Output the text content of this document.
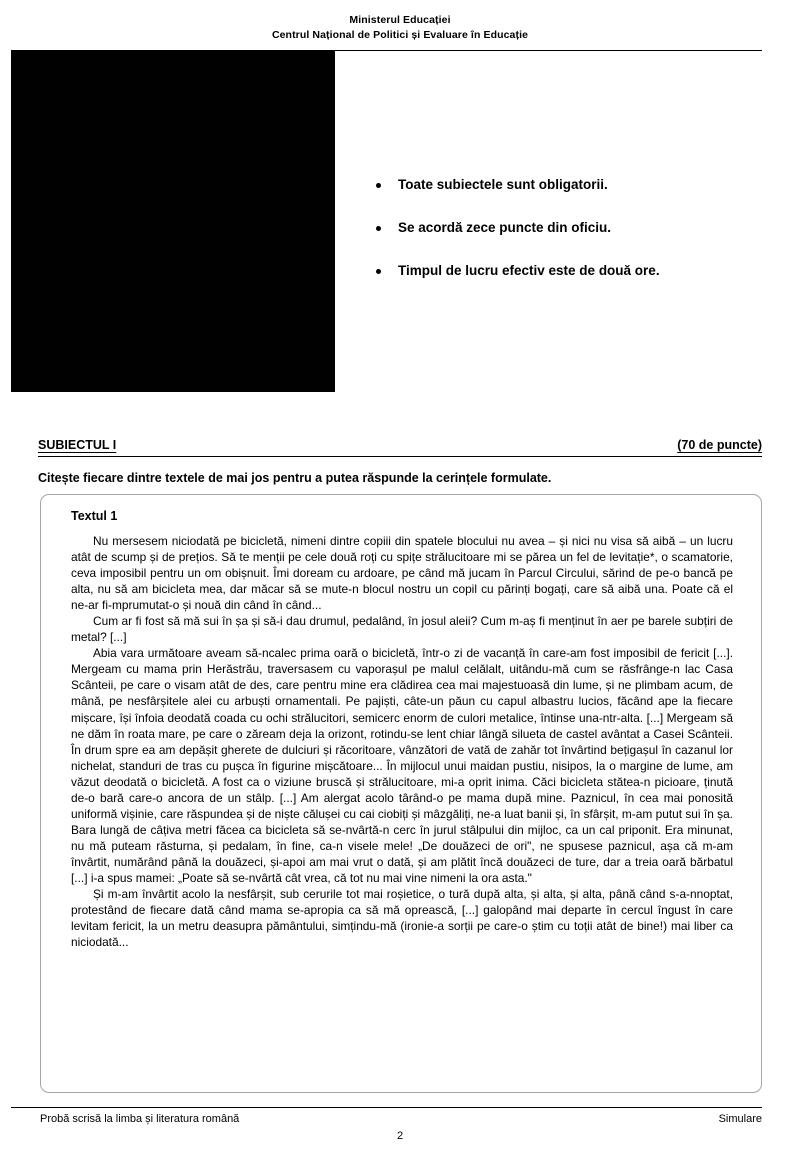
Ministerul Educației
Centrul Național de Politici și Evaluare în Educație
Toate subiectele sunt obligatorii.
Se acordă zece puncte din oficiu.
Timpul de lucru efectiv este de două ore.
SUBIECTUL I	(70 de puncte)
Citește fiecare dintre textele de mai jos pentru a putea răspunde la cerințele formulate.
Textul 1

Nu mersesem niciodată pe bicicletă, nimeni dintre copiii din spatele blocului nu avea – și nici nu visa să aibă – un lucru atât de scump și de prețios. Să te menții pe cele două roți cu spițe strălucitoare mi se părea un fel de levitație*, o scamatorie, ceva imposibil pentru un om obișnuit. Îmi doream cu ardoare, pe când mă jucam în Parcul Circului, sărind de pe-o bancă pe alta, nu să am bicicleta mea, dar măcar să se mute-n blocul nostru un copil cu părinți bogați, care să aibă una. Poate că el ne-ar fi-mprumutat-o și nouă din când în când...

Cum ar fi fost să mă sui în șa și să-i dau drumul, pedalând, în josul aleii? Cum m-aș fi menținut în aer pe barele subțiri de metal? [...]

Abia vara următoare aveam să-ncalec prima oară o bicicletă, într-o zi de vacanță în care-am fost imposibil de fericit [...]. Mergeam cu mama prin Herăstrău, traversasem cu vaporașul pe malul celălalt, uitându-mă cum se răsfrânge-n lac Casa Scânteii, pe care o visam atât de des, care pentru mine era clădirea cea mai majestuoasă din lume, și ne plimbam acum, de mână, pe nesfârșitele alei cu arbuști ornamentali. Pe pajiști, câte-un păun cu capul albastru lucios, făcând ape la fiecare mișcare, își înfoia deodată coada cu ochi strălucitori, semicerc enorm de culori metalice, întinse una-ntr-alta. [...] Mergeam să ne dăm în roata mare, pe care o zăream deja la orizont, rotindu-se lent chiar lângă silueta de castel avântat a Casei Scânteii. În drum spre ea am depășit gherete de dulciuri și răcoritoare, vânzători de vată de zahăr tot învârtind bețigașul în cazanul lor nichelat, standuri de tras cu pușca în figurine mișcătoare... În mijlocul unui maidan pustiu, nisipos, la o margine de lume, am văzut deodată o bicicletă. A fost ca o viziune bruscă și strălucitoare, mi-a oprit inima. Căci bicicleta stătea-n picioare, ținută de-o bară care-o ancora de un stâlp. [...] Am alergat acolo târând-o pe mama după mine. Paznicul, în cea mai ponosită uniformă vișinie, care răspundea și de niște călușei cu cai ciobiți și mâzgăliți, ne-a luat banii și, în sfârșit, m-am putut sui în șa. Bara lungă de câțiva metri făcea ca bicicleta să se-nvârtă-n cerc în jurul stâlpului din mijloc, ca un cal priponit. Era minunat, nu mă puteam răsturna, și pedalam, în fine, ca-n visele mele! „De douăzeci de ori", ne spusese paznicul, așa că m-am învârtit, numărând până la douăzeci, și-apoi am mai vrut o dată, și am plătit încă douăzeci de ture, dar a treia oară bărbatul [...] i-a spus mamei: „Poate să se-nvârtă cât vrea, că tot nu mai vine nimeni la ora asta."

Și m-am învârtit acolo la nesfârșit, sub cerurile tot mai roșietice, o tură după alta, și alta, și alta, până când s-a-nnoptat, protestând de fiecare dată când mama se-apropia ca să mă oprească, [...] galopând mai departe în cercul îngust în care levitam fericit, la un metru deasupra pământului, simțindu-mă (ironie-a sorții pe care-o știm cu toții atât de bine!) mai liber ca niciodată...

Probă scrisă la limba și literatura română	Simulare
2
